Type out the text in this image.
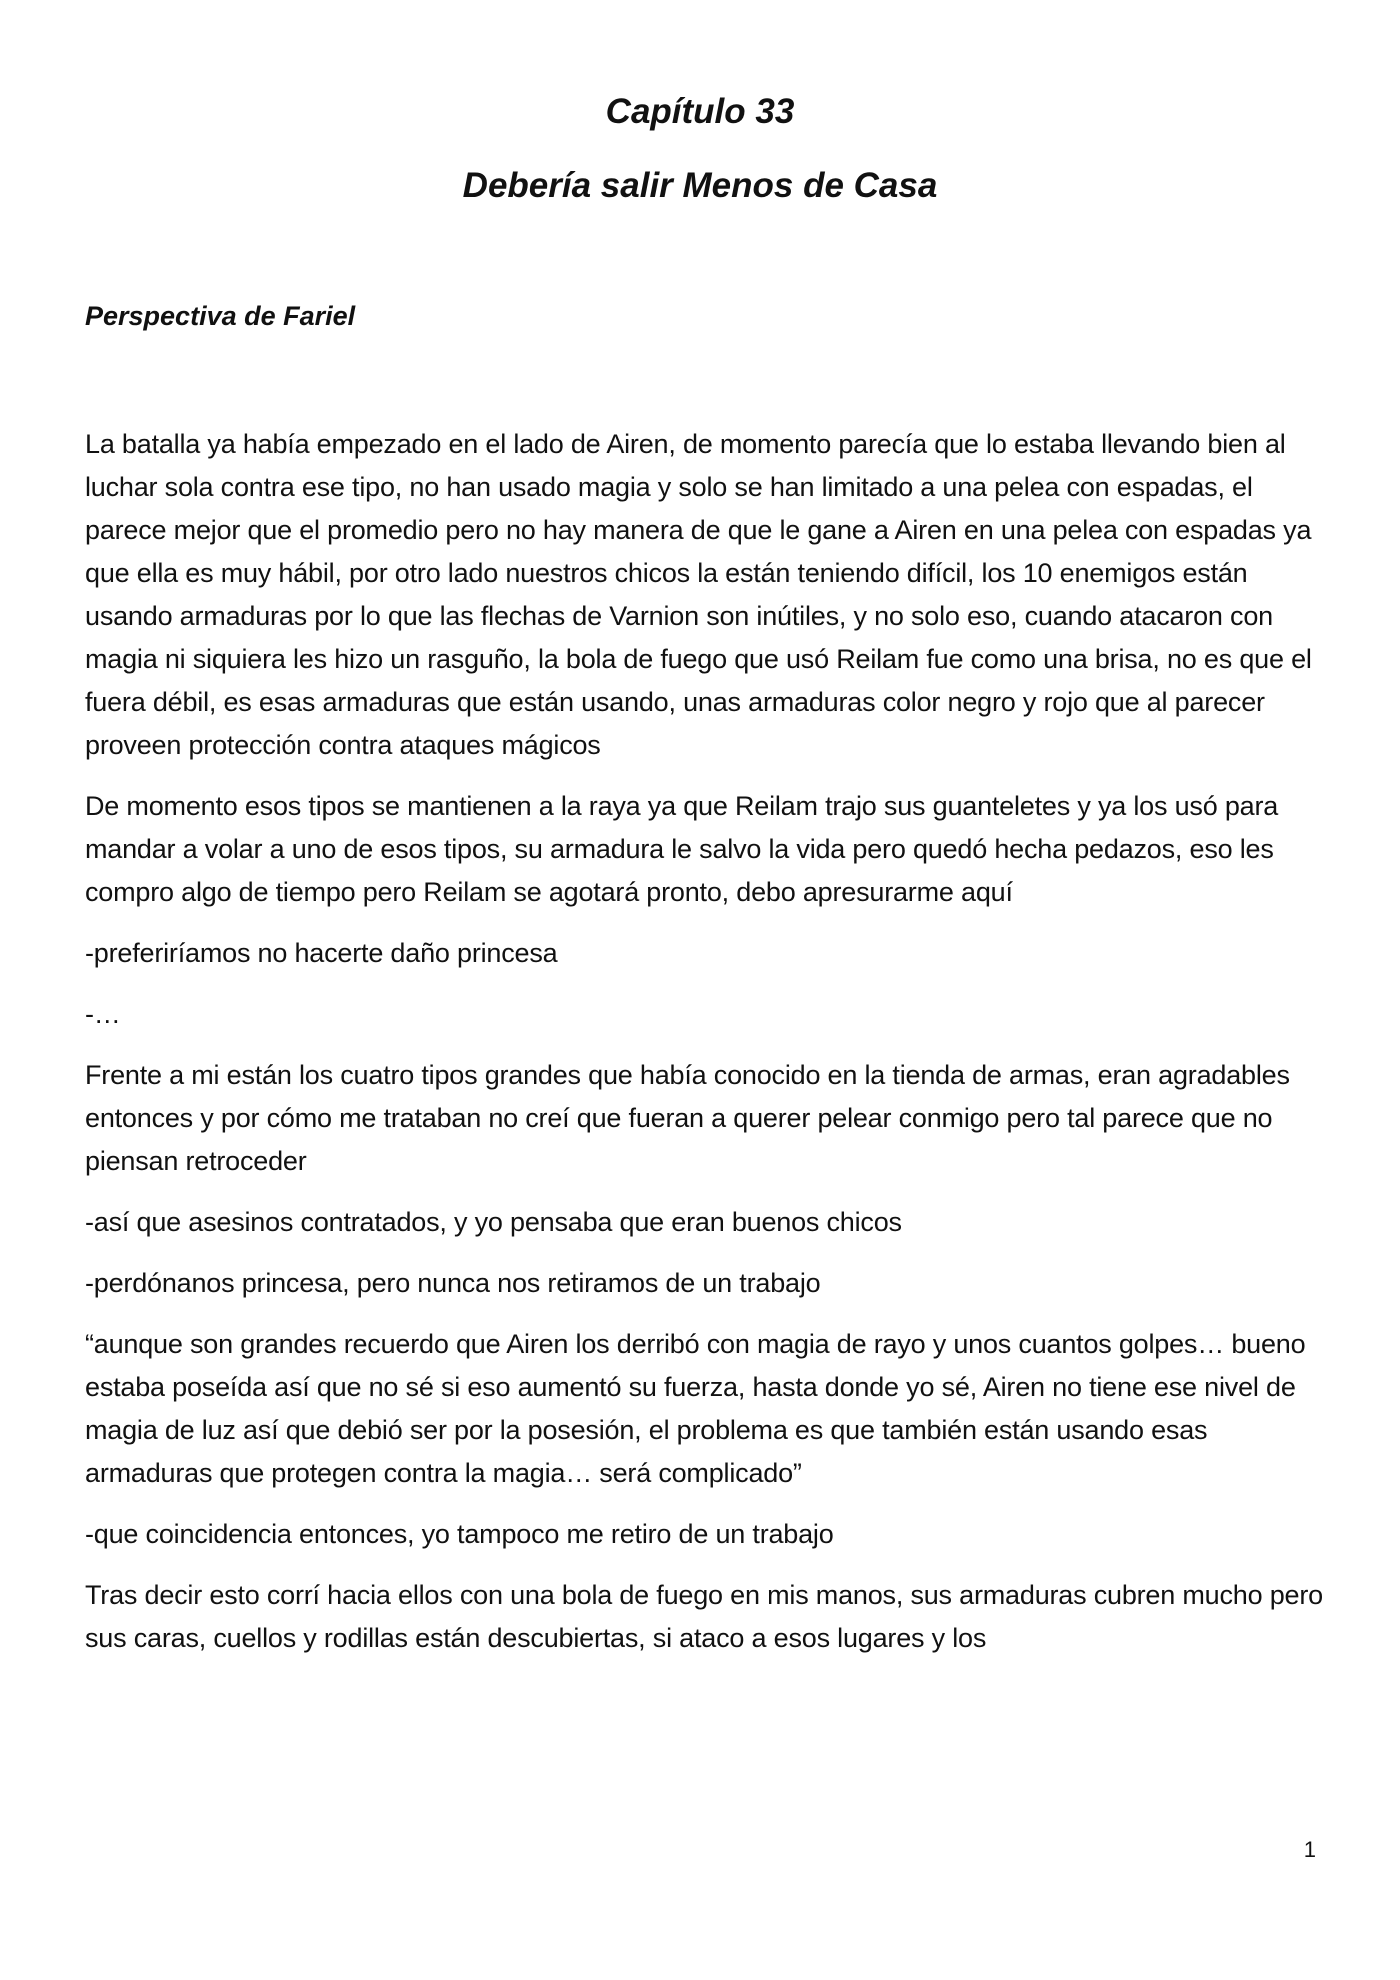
Capítulo 33
Debería salir Menos de Casa
Perspectiva de Fariel

La batalla ya había empezado en el lado de Airen, de momento parecía que lo estaba llevando bien al luchar sola contra ese tipo, no han usado magia y solo se han limitado a una pelea con espadas, el parece mejor que el promedio pero no hay manera de que le gane a Airen en una pelea con espadas ya que ella es muy hábil, por otro lado nuestros chicos la están teniendo difícil, los 10 enemigos están usando armaduras por lo que las flechas de Varnion son inútiles, y no solo eso, cuando atacaron con magia ni siquiera les hizo un rasguño, la bola de fuego que usó Reilam fue como una brisa, no es que el fuera débil, es esas armaduras que están usando, unas armaduras color negro y rojo que al parecer proveen protección contra ataques mágicos

De momento esos tipos se mantienen a la raya ya que Reilam trajo sus guanteletes y ya los usó para mandar a volar a uno de esos tipos, su armadura le salvo la vida pero quedó hecha pedazos, eso les compro algo de tiempo pero Reilam se agotará pronto, debo apresurarme aquí

-preferiríamos no hacerte daño princesa

-…

Frente a mi están los cuatro tipos grandes que había conocido en la tienda de armas, eran agradables entonces y por cómo me trataban no creí que fueran a querer pelear conmigo pero tal parece que no piensan retroceder

-así que asesinos contratados, y yo pensaba que eran buenos chicos

-perdónanos princesa, pero nunca nos retiramos de un trabajo

“aunque son grandes recuerdo que Airen los derribó con magia de rayo y unos cuantos golpes… bueno estaba poseída así que no sé si eso aumentó su fuerza, hasta donde yo sé, Airen no tiene ese nivel de magia de luz así que debió ser por la posesión, el problema es que también están usando esas armaduras que protegen contra la magia… será complicado”

-que coincidencia entonces, yo tampoco me retiro de un trabajo

Tras decir esto corrí hacia ellos con una bola de fuego en mis manos, sus armaduras cubren mucho pero sus caras, cuellos y rodillas están descubiertas, si ataco a esos lugares y los

1
